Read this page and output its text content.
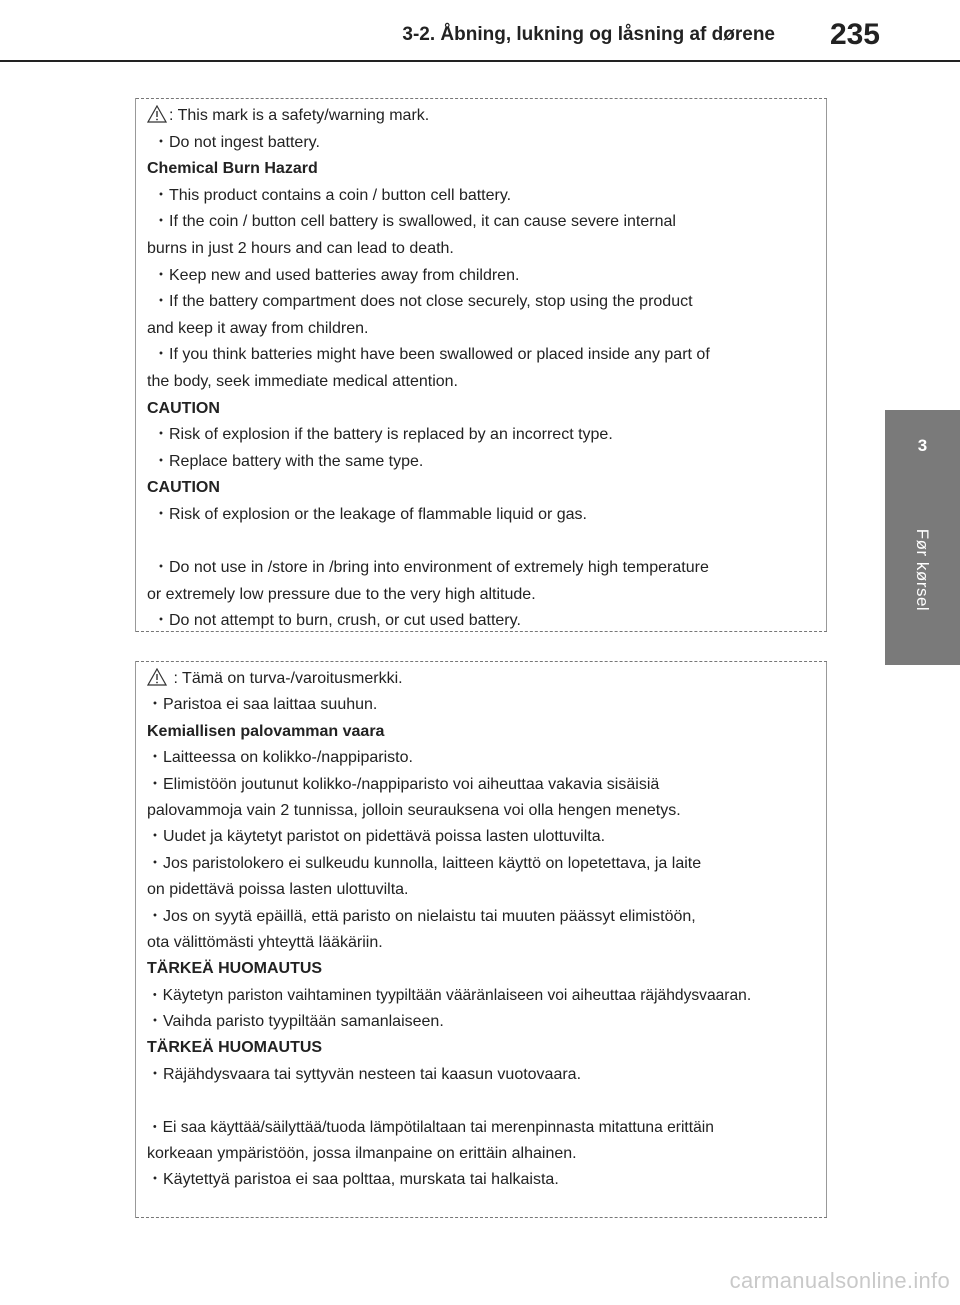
3-2. Åbning, lukning og låsning af dørene 235
3
Før kørsel
: This mark is a safety/warning mark.
・Do not ingest battery.
Chemical Burn Hazard
・This product contains a coin / button cell battery.
・If the coin / button cell battery is swallowed, it can cause severe internal
burns in just 2 hours and can lead to death.
・Keep new and used batteries away from children.
・If the battery compartment does not close securely, stop using the product
and keep it away from children.
・If you think batteries might have been swallowed or placed inside any part of
the body, seek immediate medical attention.
CAUTION
・Risk of explosion if the battery is replaced by an incorrect type.
・Replace battery with the same type.
CAUTION
・Risk of explosion or the leakage of flammable liquid or gas.
・Do not use in /store in /bring into environment of extremely high temperature
or extremely low pressure due to the very high altitude.
・Do not attempt to burn, crush, or cut used battery.
: Tämä on turva-/varoitusmerkki.
・Paristoa ei saa laittaa suuhun.
Kemiallisen palovamman vaara
・Laitteessa on kolikko-/nappiparisto.
・Elimistöön joutunut kolikko-/nappiparisto voi aiheuttaa vakavia sisäisiä
palovammoja vain 2 tunnissa, jolloin seurauksena voi olla hengen menetys.
・Uudet ja käytetyt paristot on pidettävä poissa lasten ulottuvilta.
・Jos paristolokero ei sulkeudu kunnolla, laitteen käyttö on lopetettava, ja laite
on pidettävä poissa lasten ulottuvilta.
・Jos on syytä epäillä, että paristo on nielaistu tai muuten päässyt elimistöön,
ota välittömästi yhteyttä lääkäriin.
TÄRKEÄ HUOMAUTUS
・Käytetyn pariston vaihtaminen tyypiltään vääränlaiseen voi aiheuttaa räjähdysvaaran.
・Vaihda paristo tyypiltään samanlaiseen.
TÄRKEÄ HUOMAUTUS
・Räjähdysvaara tai syttyvän nesteen tai kaasun vuotovaara.
・Ei saa käyttää/säilyttää/tuoda lämpötilaltaan tai merenpinnasta mitattuna erittäin
korkeaan ympäristöön, jossa ilmanpaine on erittäin alhainen.
・Käytettyä paristoa ei saa polttaa, murskata tai halkaista.
carmanualsonline.info
